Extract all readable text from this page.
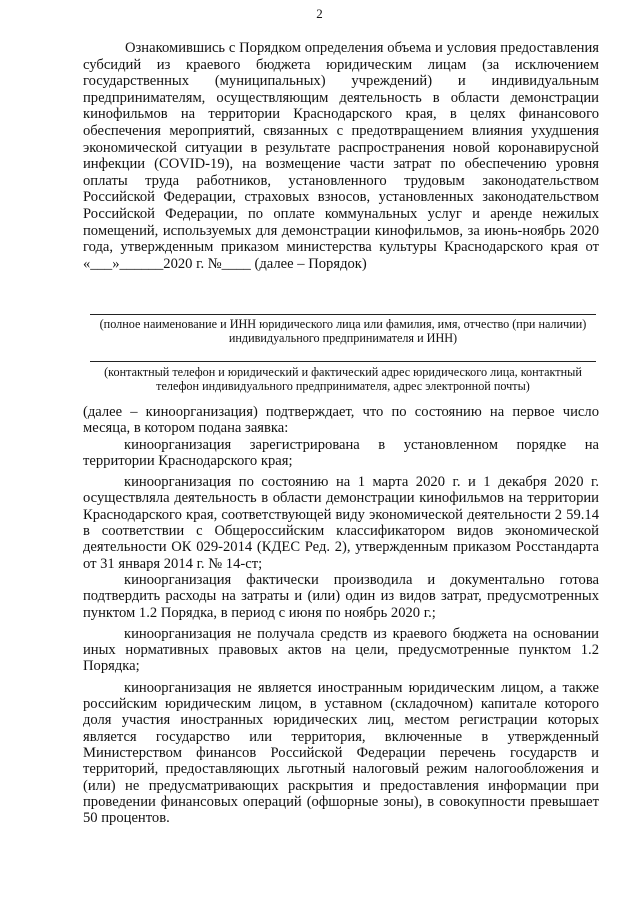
2

Ознакомившись с Порядком определения объема и условия предоставления субсидий из краевого бюджета юридическим лицам (за исключением государственных (муниципальных) учреждений) и индивидуальным предпринимателям, осуществляющим деятельность в области демонстрации кинофильмов на территории Краснодарского края, в целях финансового обеспечения мероприятий, связанных с предотвращением влияния ухудшения экономической ситуации в результате распространения новой коронавирусной инфекции (COVID-19), на возмещение части затрат по обеспечению уровня оплаты труда работников, установленного трудовым законодательством Российской Федерации, страховых взносов, установленных законодательством Российской Федерации, по оплате коммунальных услуг и аренде нежилых помещений, используемых для демонстрации кинофильмов, за июнь-ноябрь 2020 года, утвержденным приказом министерства культуры Краснодарского края от «___»______2020 г. №____ (далее – Порядок)

(полное наименование и ИНН юридического лица или фамилия, имя, отчество (при наличии) индивидуального предпринимателя и ИНН)

(контактный телефон и юридический и фактический адрес юридического лица, контактный телефон индивидуального предпринимателя, адрес электронной почты)

(далее – киноорганизация) подтверждает, что по состоянию на первое число месяца, в котором подана заявка:

киноорганизация зарегистрирована в установленном порядке на территории Краснодарского края;

киноорганизация по состоянию на 1 марта 2020 г. и 1 декабря 2020 г. осуществляла деятельность в области демонстрации кинофильмов на территории Краснодарского края, соответствующей виду экономической деятельности 2 59.14 в соответствии с Общероссийским классификатором видов экономической деятельности ОК 029-2014 (КДЕС Ред. 2), утвержденным приказом Росстандарта от 31 января 2014 г. № 14-ст;

киноорганизация фактически производила и документально готова подтвердить расходы на затраты и (или) один из видов затрат, предусмотренных пунктом 1.2 Порядка, в период с июня по ноябрь 2020 г.;

киноорганизация не получала средств из краевого бюджета на основании иных нормативных правовых актов на цели, предусмотренные пунктом 1.2 Порядка;

киноорганизация не является иностранным юридическим лицом, а также российским юридическим лицом, в уставном (складочном) капитале которого доля участия иностранных юридических лиц, местом регистрации которых является государство или территория, включенные в утвержденный Министерством финансов Российской Федерации перечень государств и территорий, предоставляющих льготный налоговый режим налогообложения и (или) не предусматривающих раскрытия и предоставления информации при проведении финансовых операций (офшорные зоны), в совокупности превышает 50 процентов.
